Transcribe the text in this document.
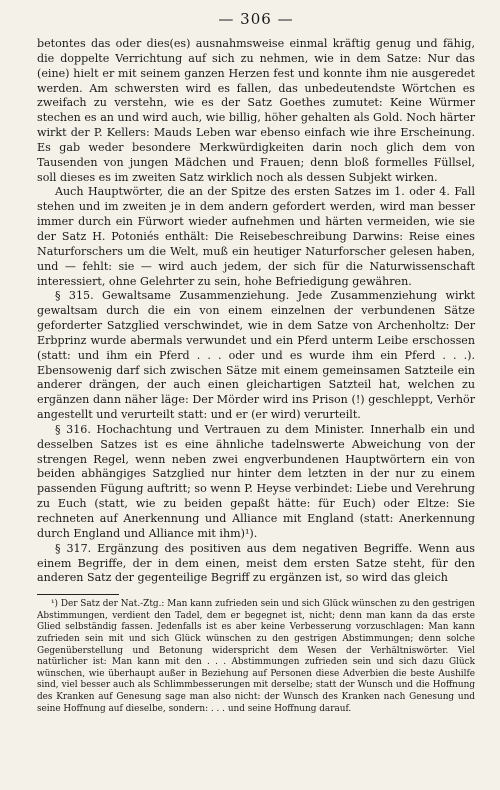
— 306 —

betontes das oder dies(es) ausnahmsweise einmal kräftig genug und fähig, die doppelte Verrichtung auf sich zu nehmen, wie in dem Satze: Nur das (eine) hielt er mit seinem ganzen Herzen fest und konnte ihm nie ausgeredet werden. Am schwersten wird es fallen, das unbedeutendste Wörtchen es zweifach zu verstehn, wie es der Satz Goethes zumutet: Keine Würmer stechen es an und wird auch, wie billig, höher gehalten als Gold. Noch härter wirkt der P. Kellers: Mauds Leben war ebenso einfach wie ihre Erscheinung. Es gab weder besondere Merkwürdigkeiten darin noch glich dem von Tausenden von jungen Mädchen und Frauen; denn bloß formelles Füllsel, soll dieses es im zweiten Satz wirklich noch als dessen Subjekt wirken.

Auch Hauptwörter, die an der Spitze des ersten Satzes im 1. oder 4. Fall stehen und im zweiten je in dem andern gefordert werden, wird man besser immer durch ein Fürwort wieder aufnehmen und härten vermeiden, wie sie der Satz H. Potoniés enthält: Die Reisebeschreibung Darwins: Reise eines Naturforschers um die Welt, muß ein heutiger Naturforscher gelesen haben, und — fehlt: sie — wird auch jedem, der sich für die Naturwissenschaft interessiert, ohne Gelehrter zu sein, hohe Befriedigung gewähren.

§ 315. Gewaltsame Zusammenziehung. Jede Zusammenziehung wirkt gewaltsam durch die ein von einem einzelnen der verbundenen Sätze geforderter Satzglied verschwindet, wie in dem Satze von Archenholtz: Der Erbprinz wurde abermals verwundet und ein Pferd unterm Leibe erschossen (statt: und ihm ein Pferd . . . oder und es wurde ihm ein Pferd . . .). Ebensowenig darf sich zwischen Sätze mit einem gemeinsamen Satzteile ein anderer drängen, der auch einen gleichartigen Satzteil hat, welchen zu ergänzen dann näher läge: Der Mörder wird ins Prison (!) geschleppt, Verhör angestellt und verurteilt statt: und er (er wird) verurteilt.

§ 316. Hochachtung und Vertrauen zu dem Minister. Innerhalb ein und desselben Satzes ist es eine ähnliche tadelnswerte Abweichung von der strengen Regel, wenn neben zwei engverbundenen Hauptwörtern ein von beiden abhängiges Satzglied nur hinter dem letzten in der nur zu einem passenden Fügung auftritt; so wenn P. Heyse verbindet: Liebe und Verehrung zu Euch (statt, wie zu beiden gepaßt hätte: für Euch) oder Eltze: Sie rechneten auf Anerkennung und Alliance mit England (statt: Anerkennung durch England und Alliance mit ihm)¹).

§ 317. Ergänzung des positiven aus dem negativen Begriffe. Wenn aus einem Begriffe, der in dem einen, meist dem ersten Satze steht, für den anderen Satz der gegenteilige Begriff zu ergänzen ist, so wird das gleich

¹) Der Satz der Nat.-Ztg.: Man kann zufrieden sein und sich Glück wünschen zu den gestrigen Abstimmungen, verdient den Tadel, dem er begegnet ist, nicht; denn man kann da das erste Glied selbständig fassen. Jedenfalls ist es aber keine Verbesserung vorzuschlagen: Man kann zufrieden sein mit und sich Glück wünschen zu den gestrigen Abstimmungen; denn solche Gegenüberstellung und Betonung widerspricht dem Wesen der Verhältniswörter. Viel natürlicher ist: Man kann mit den . . . Abstimmungen zufrieden sein und sich dazu Glück wünschen, wie überhaupt außer in Beziehung auf Personen diese Adverbien die beste Aushilfe sind, viel besser auch als Schlimmbesserungen mit derselbe; statt der Wunsch und die Hoffnung des Kranken auf Genesung sage man also nicht: der Wunsch des Kranken nach Genesung und seine Hoffnung auf dieselbe, sondern: . . . und seine Hoffnung darauf.
